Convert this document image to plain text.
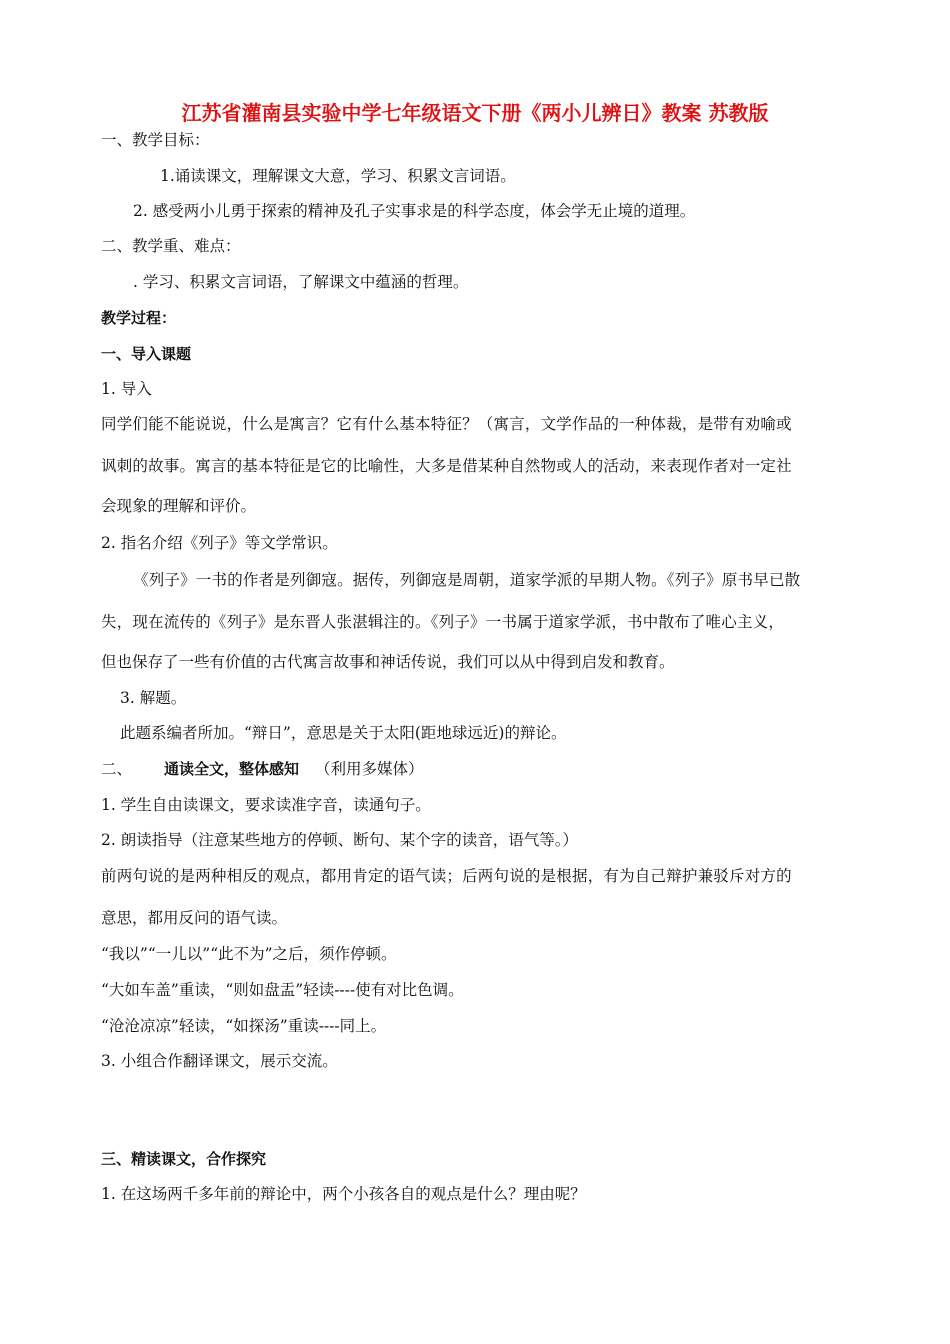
江苏省灌南县实验中学七年级语文下册《两小儿辨日》教案 苏教版
一、教学目标：
1.诵读课文，理解课文大意，学习、积累文言词语。
2. 感受两小儿勇于探索的精神及孔子实事求是的科学态度，体会学无止境的道理。
二、教学重、难点：
. 学习、积累文言词语，了解课文中蕴涵的哲理。
教学过程：
一、导入课题
1. 导入
同学们能不能说说，什么是寓言？它有什么基本特征？（寓言，文学作品的一种体裁，是带有劝喻或
讽刺的故事。寓言的基本特征是它的比喻性，大多是借某种自然物或人的活动，来表现作者对一定社
会现象的理解和评价。
2. 指名介绍《列子》等文学常识。
《列子》一书的作者是列御寇。据传，列御寇是周朝，道家学派的早期人物。《列子》原书早已散
失，现在流传的《列子》是东晋人张湛辑注的。《列子》一书属于道家学派，书中散布了唯心主义，
但也保存了一些有价值的古代寓言故事和神话传说，我们可以从中得到启发和教育。
3. 解题。
此题系编者所加。“辩日”，意思是关于太阳(距地球远近)的辩论。
二、 通读全文，整体感知 （利用多媒体）
1. 学生自由读课文，要求读准字音，读通句子。
2. 朗读指导（注意某些地方的停顿、断句、某个字的读音，语气等。）
前两句说的是两种相反的观点，都用肯定的语气读；后两句说的是根据，有为自己辩护兼驳斥对方的
意思，都用反问的语气读。
“我以”“一儿以”“此不为”之后，须作停顿。
“大如车盖”重读，“则如盘盂”轻读----使有对比色调。
“沧沧凉凉”轻读，“如探汤”重读----同上。
3. 小组合作翻译课文，展示交流。
三、精读课文，合作探究
1. 在这场两千多年前的辩论中，两个小孩各自的观点是什么？理由呢？
